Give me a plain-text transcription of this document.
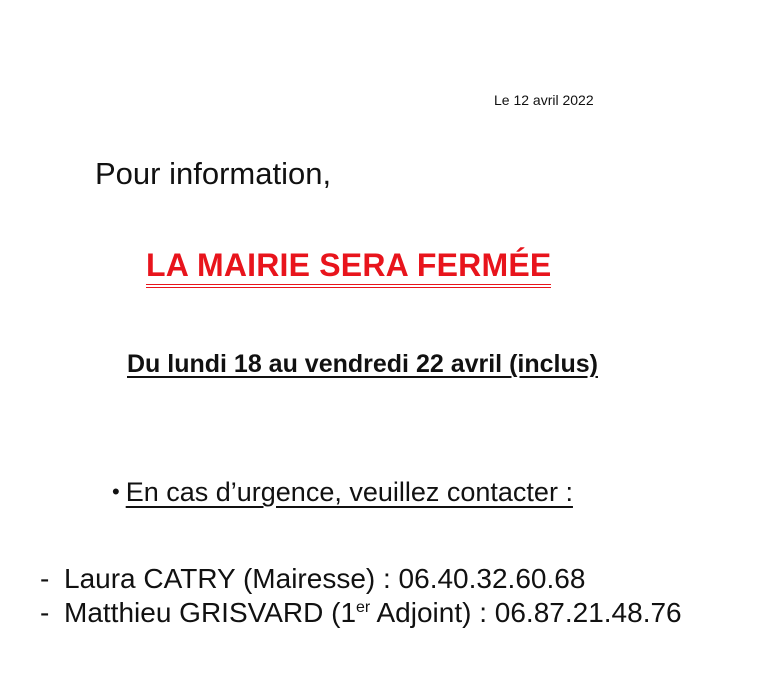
Le 12 avril 2022
Pour information,
LA MAIRIE SERA FERMÉE
Du lundi 18 au vendredi 22 avril (inclus)
• En cas d’urgence, veuillez contacter :
- Laura CATRY (Mairesse) : 06.40.32.60.68
- Matthieu GRISVARD (1er Adjoint) : 06.87.21.48.76
